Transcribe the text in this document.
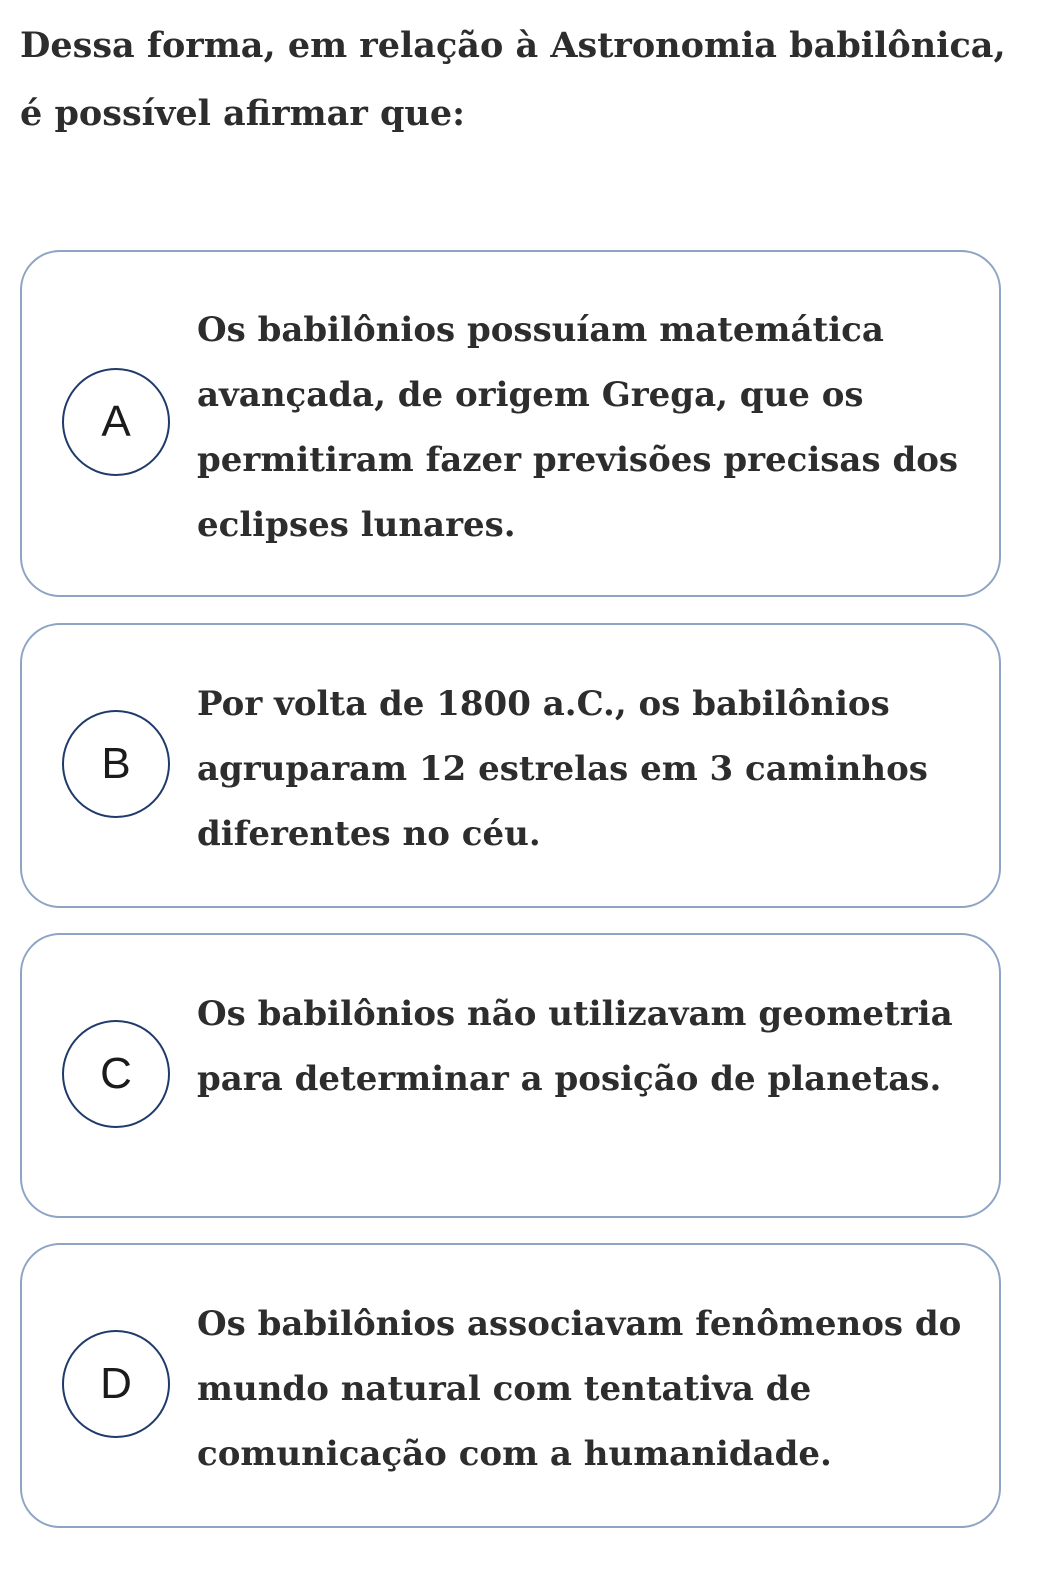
Dessa forma, em relação à Astronomia babilônica, é possível afirmar que:

A

Os babilônios possuíam matemática avançada, de origem Grega, que os permitiram fazer previsões precisas dos eclipses lunares.

B

Por volta de 1800 a.C., os babilônios agruparam 12 estrelas em 3 caminhos diferentes no céu.

C

Os babilônios não utilizavam geometria para determinar a posição de planetas.

D

Os babilônios associavam fenômenos do mundo natural com tentativa de comunicação com a humanidade.
